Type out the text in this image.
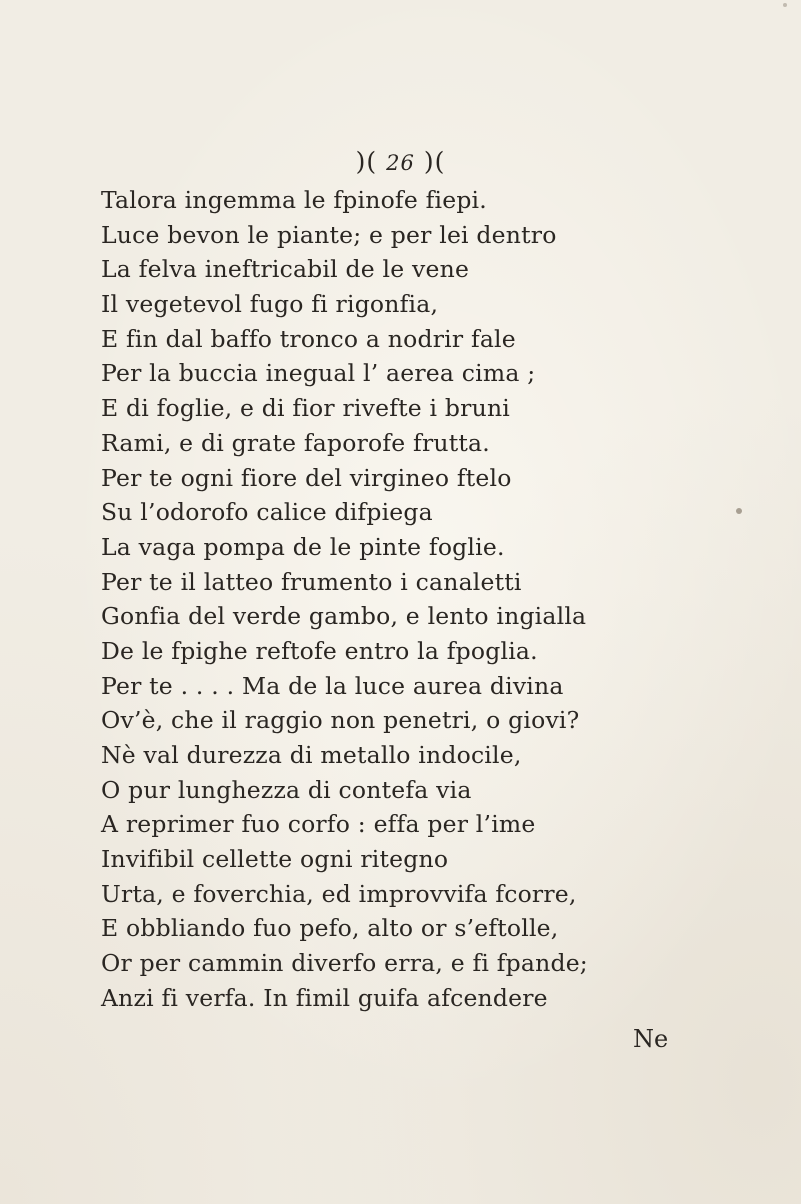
)( 26 )(
Talora ingemma le fpinofe fiepi.
Luce bevon le piante; e per lei dentro
La felva ineftricabil de le vene
Il vegetevol fugo fi rigonfia,
E fin dal baffo tronco a nodrir fale
Per la buccia inegual l’ aerea cima ;
E di foglie, e di fior rivefte i bruni
Rami, e di grate faporofe frutta.
Per te ogni fiore del virgineo ftelo
Su l’odorofo calice difpiega
La vaga pompa de le pinte foglie.
Per te il latteo frumento i canaletti
Gonfia del verde gambo, e lento ingialla
De le fpighe reftofe entro la fpoglia.
Per te . . . . Ma de la luce aurea divina
Ov’è, che il raggio non penetri, o giovi?
Nè val durezza di metallo indocile,
O pur lunghezza di contefa via
A reprimer fuo corfo : effa per l’ime
Invifibil cellette ogni ritegno
Urta, e foverchia, ed improvvifa fcorre,
E obbliando fuo pefo, alto or s’eftolle,
Or per cammin diverfo erra, e fi fpande;
Anzi fi verfa. In fimil guifa afcendere
Ne
